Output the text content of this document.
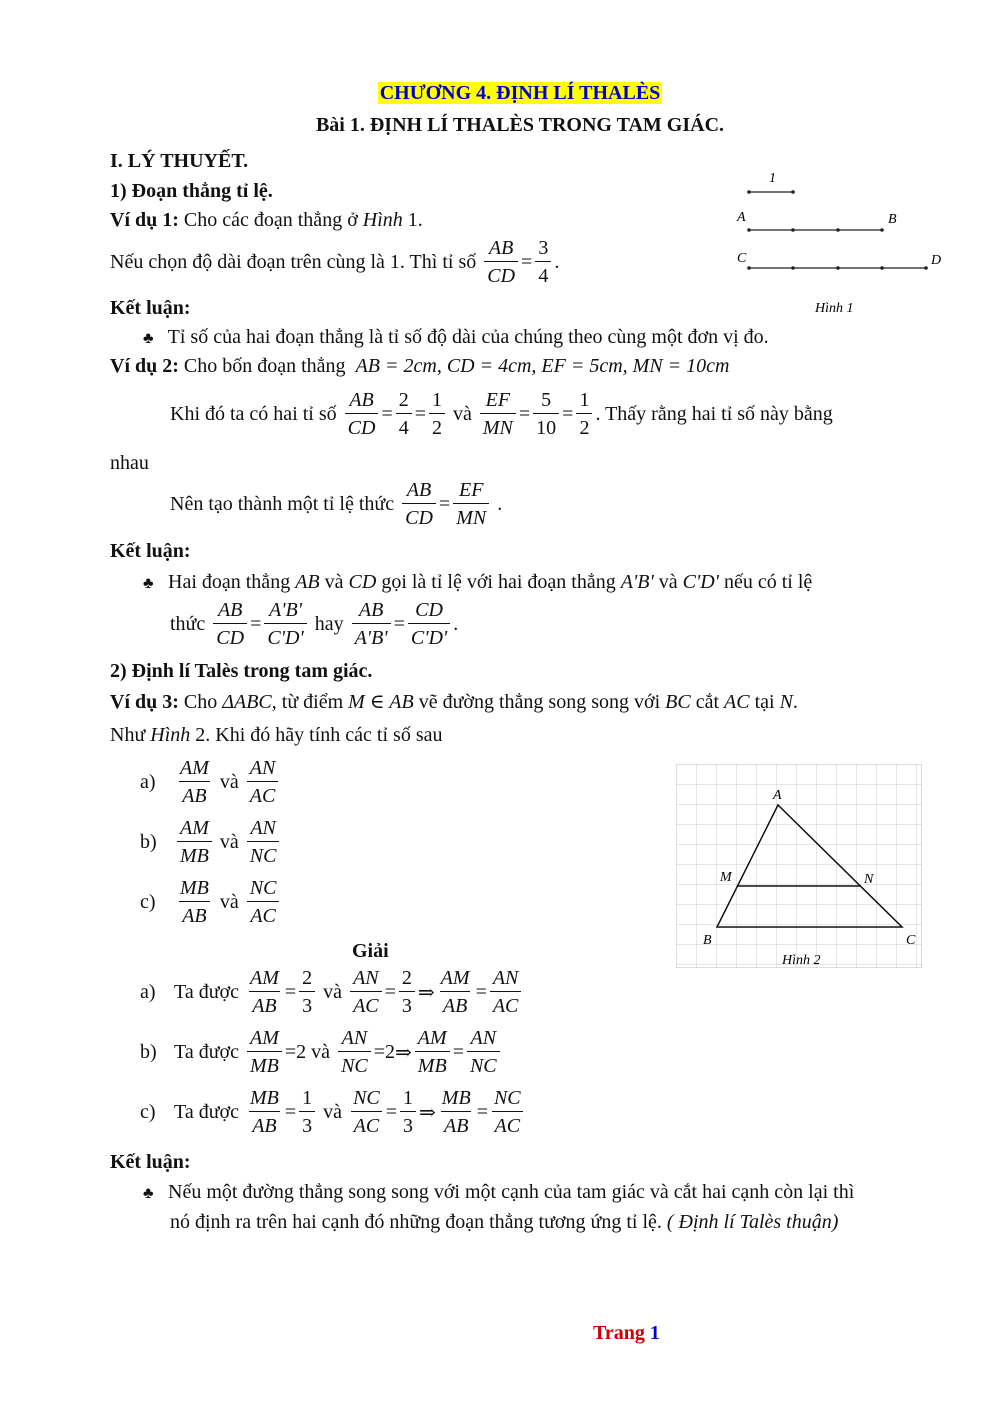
CHƯƠNG 4. ĐỊNH LÍ THALÈS
Bài 1. ĐỊNH LÍ THALÈS TRONG TAM GIÁC.
I. LÝ THUYẾT.
1) Đoạn thẳng tỉ lệ.
Ví dụ 1: Cho các đoạn thẳng ở Hình 1.
Nếu chọn độ dài đoạn trên cùng là
1 . Thì tỉ số
$\frac{AB}{CD} = \frac{3}{4}$ .
1
A	B
C	D
Hình 1
Kết luận:
♣ Tỉ số của hai đoạn thẳng là tỉ số độ dài của chúng theo cùng một đơn vị đo.
Ví dụ 2: Cho bốn đoạn thẳng AB = 2cm, CD = 4cm, EF = 5cm, MN = 10cm
Khi đó ta có hai tỉ số
$\frac{AB}{CD} = \frac{2}{4} = \frac{1}{2}$
và
$\frac{EF}{MN} = \frac{5}{10} = \frac{1}{2}$ . Thấy rằng hai tỉ số này bằng
nhau
Nên tạo thành một tỉ lệ thức
$\frac{AB}{CD} = \frac{EF}{MN}$ .
Kết luận:
♣ Hai đoạn thẳng AB và CD gọi là tỉ lệ với hai đoạn thẳng A'B' và C'D' nếu có tỉ lệ
thức
$\frac{AB}{CD} = \frac{A'B'}{C'D'}$
hay
$\frac{AB}{A'B'} = \frac{CD}{C'D'}$ .
2) Định lí Talès trong tam giác.
Ví dụ 3: Cho ΔABC, từ điểm M ∈ AB vẽ đường thẳng song song với BC cắt AC tại N.
Như Hình 2. Khi đó hãy tính các tỉ số sau
a)	$\frac{AM}{AB}$
và
$\frac{AN}{AC}$
b)	$\frac{AM}{MB}$
và
$\frac{AN}{NC}$
c)	$\frac{MB}{AB}$
và
$\frac{NC}{AC}$
A
M	N
B	C
Hình 2
Giải
a) Ta được
$\frac{AM}{AB} = \frac{2}{3}$
và
$\frac{AN}{AC} = \frac{2}{3}$ ⇒ $\frac{AM}{AB} = \frac{AN}{AC}$
b) Ta được
$\frac{AM}{MB} = 2$
và
$\frac{AN}{NC} = 2$ ⇒ $\frac{AM}{MB} = \frac{AN}{NC}$
c) Ta được
$\frac{MB}{AB} = \frac{1}{3}$
và
$\frac{NC}{AC} = \frac{1}{3}$ ⇒ $\frac{MB}{AB} = \frac{NC}{AC}$
Kết luận:
♣ Nếu một đường thẳng song song với một cạnh của tam giác và cắt hai cạnh còn lại thì
nó định ra trên hai cạnh đó những đoạn thẳng tương ứng tỉ lệ. ( Định lí Talès thuận)
Trang 1
